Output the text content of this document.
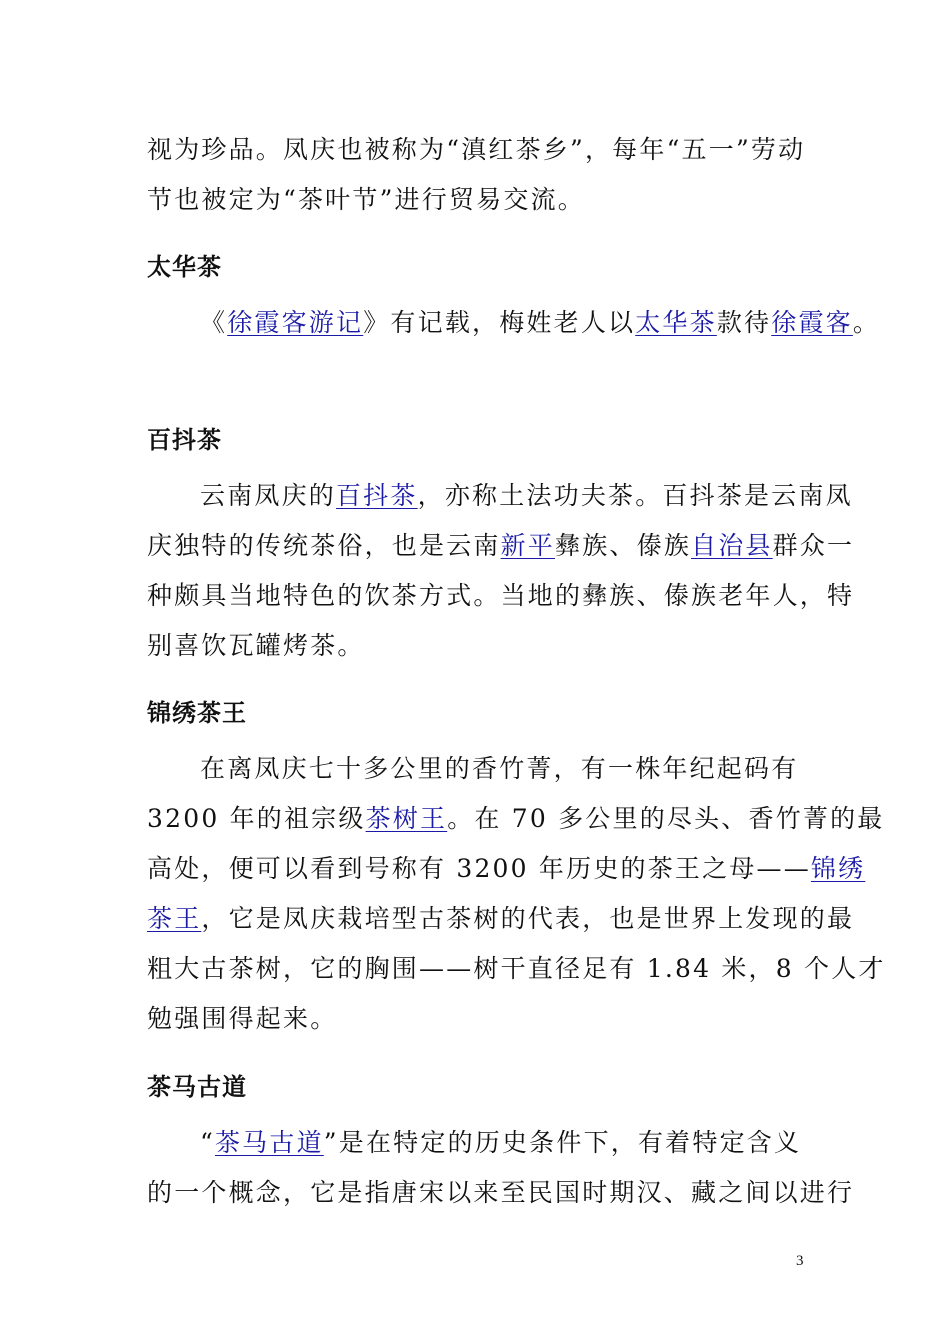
视为珍品。凤庆也被称为“滇红茶乡”，每年“五一”劳动
节也被定为“茶叶节”进行贸易交流。
太华茶
《徐霞客游记》有记载，梅姓老人以太华茶款待徐霞客。
百抖茶
云南凤庆的百抖茶，亦称土法功夫茶。百抖茶是云南凤
庆独特的传统茶俗，也是云南新平彝族、傣族自治县群众一
种颇具当地特色的饮茶方式。当地的彝族、傣族老年人，特
别喜饮瓦罐烤茶。
锦绣茶王
在离凤庆七十多公里的香竹菁，有一株年纪起码有
3200 年的祖宗级茶树王。在 70 多公里的尽头、香竹菁的最
高处，便可以看到号称有 3200 年历史的茶王之母——锦绣
茶王，它是凤庆栽培型古茶树的代表，也是世界上发现的最
粗大古茶树，它的胸围——树干直径足有 1.84 米，8 个人才
勉强围得起来。
茶马古道
“茶马古道”是在特定的历史条件下，有着特定含义
的一个概念，它是指唐宋以来至民国时期汉、藏之间以进行
3
